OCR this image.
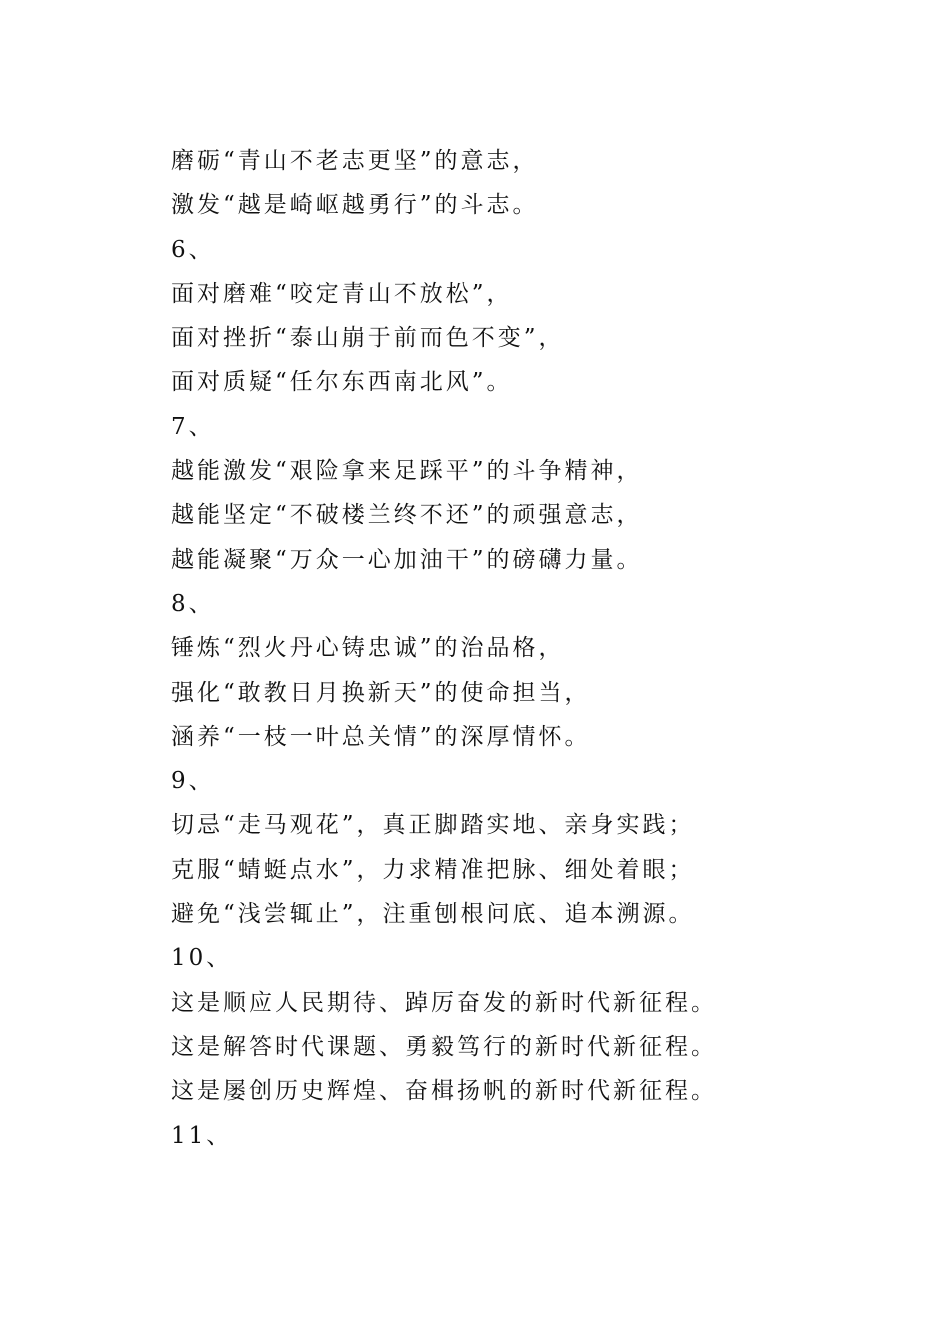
磨砺“青山不老志更坚”的意志，
激发“越是崎岖越勇行”的斗志。
6、
面对磨难“咬定青山不放松”，
面对挫折“泰山崩于前而色不变”，
面对质疑“任尔东西南北风”。
7、
越能激发“艰险拿来足踩平”的斗争精神，
越能坚定“不破楼兰终不还”的顽强意志，
越能凝聚“万众一心加油干”的磅礴力量。
8、
锤炼“烈火丹心铸忠诚”的治品格，
强化“敢教日月换新天”的使命担当，
涵养“一枝一叶总关情”的深厚情怀。
9、
切忌“走马观花”，真正脚踏实地、亲身实践；
克服“蜻蜓点水”，力求精准把脉、细处着眼；
避免“浅尝辄止”，注重刨根问底、追本溯源。
10、
这是顺应人民期待、踔厉奋发的新时代新征程。
这是解答时代课题、勇毅笃行的新时代新征程。
这是屡创历史辉煌、奋楫扬帆的新时代新征程。
11、
